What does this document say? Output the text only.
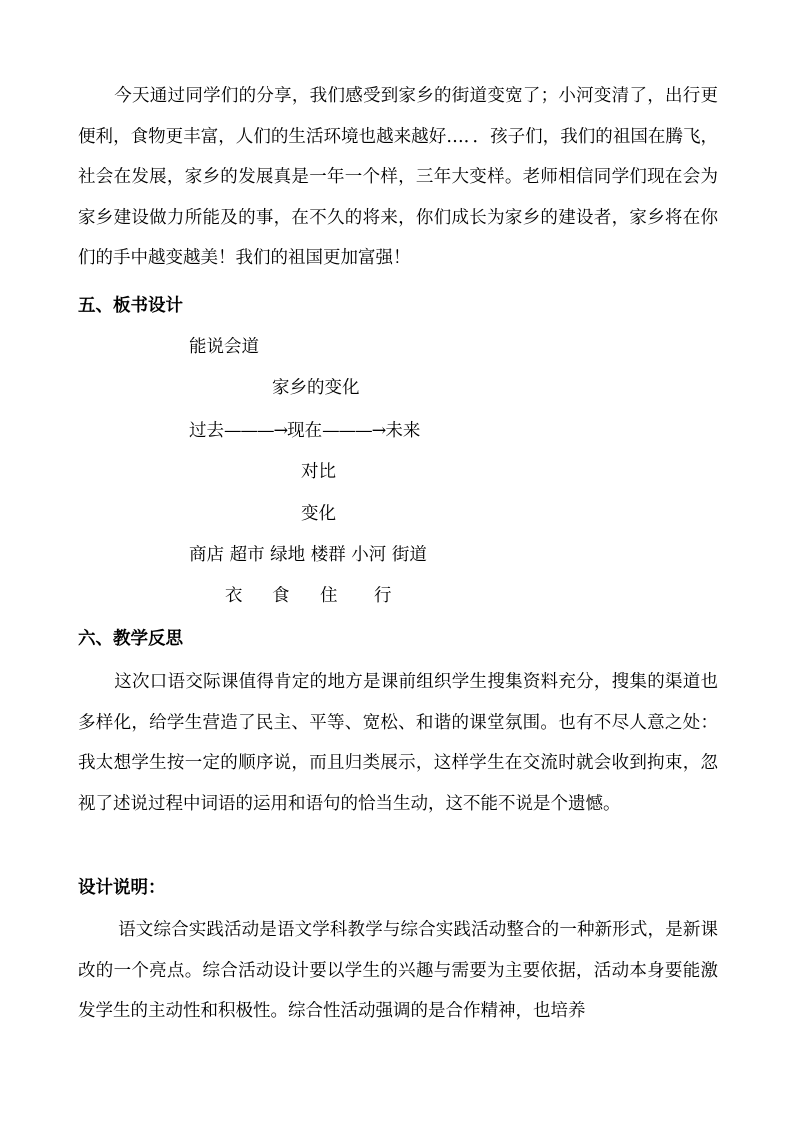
今天通过同学们的分享，我们感受到家乡的街道变宽了；小河变清了，出行更便利，食物更丰富，人们的生活环境也越来越好…．．孩子们，我们的祖国在腾飞，社会在发展，家乡的发展真是一年一个样，三年大变样。老师相信同学们现在会为家乡建设做力所能及的事，在不久的将来，你们成长为家乡的建设者，家乡将在你们的手中越变越美！我们的祖国更加富强！

五、板书设计
能说会道
家乡的变化
过去———→现在———→未来
对比
变化
商店 超市 绿地 楼群 小河 街道
衣 食 住 行
六、教学反思

这次口语交际课值得肯定的地方是课前组织学生搜集资料充分，搜集的渠道也多样化，给学生营造了民主、平等、宽松、和谐的课堂氛围。也有不尽人意之处：我太想学生按一定的顺序说，而且归类展示，这样学生在交流时就会收到拘束，忽视了述说过程中词语的运用和语句的恰当生动，这不能不说是个遗憾。

设计说明：

语文综合实践活动是语文学科教学与综合实践活动整合的一种新形式，是新课改的一个亮点。综合活动设计要以学生的兴趣与需要为主要依据，活动本身要能激发学生的主动性和积极性。综合性活动强调的是合作精神，也培养
